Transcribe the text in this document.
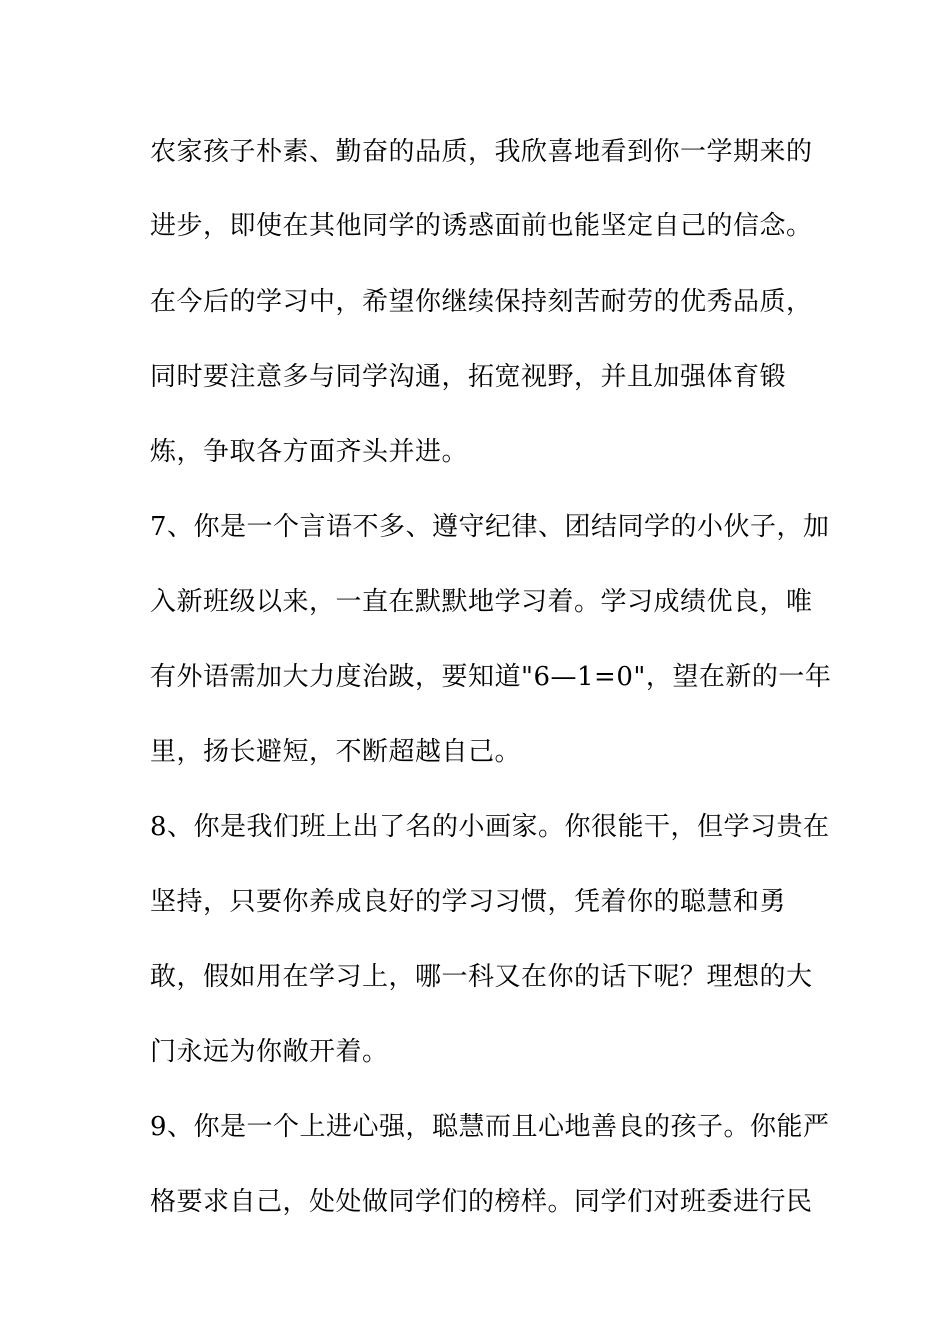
农家孩子朴素、勤奋的品质，我欣喜地看到你一学期来的
进步，即使在其他同学的诱惑面前也能坚定自己的信念。
在今后的学习中，希望你继续保持刻苦耐劳的优秀品质，
同时要注意多与同学沟通，拓宽视野，并且加强体育锻
炼，争取各方面齐头并进。
7、你是一个言语不多、遵守纪律、团结同学的小伙子，加
入新班级以来，一直在默默地学习着。学习成绩优良，唯
有外语需加大力度治跛，要知道"6—1=0"，望在新的一年
里，扬长避短，不断超越自己。
8、你是我们班上出了名的小画家。你很能干，但学习贵在
坚持，只要你养成良好的学习习惯，凭着你的聪慧和勇
敢，假如用在学习上，哪一科又在你的话下呢？理想的大
门永远为你敞开着。
9、你是一个上进心强，聪慧而且心地善良的孩子。你能严
格要求自己，处处做同学们的榜样。同学们对班委进行民
